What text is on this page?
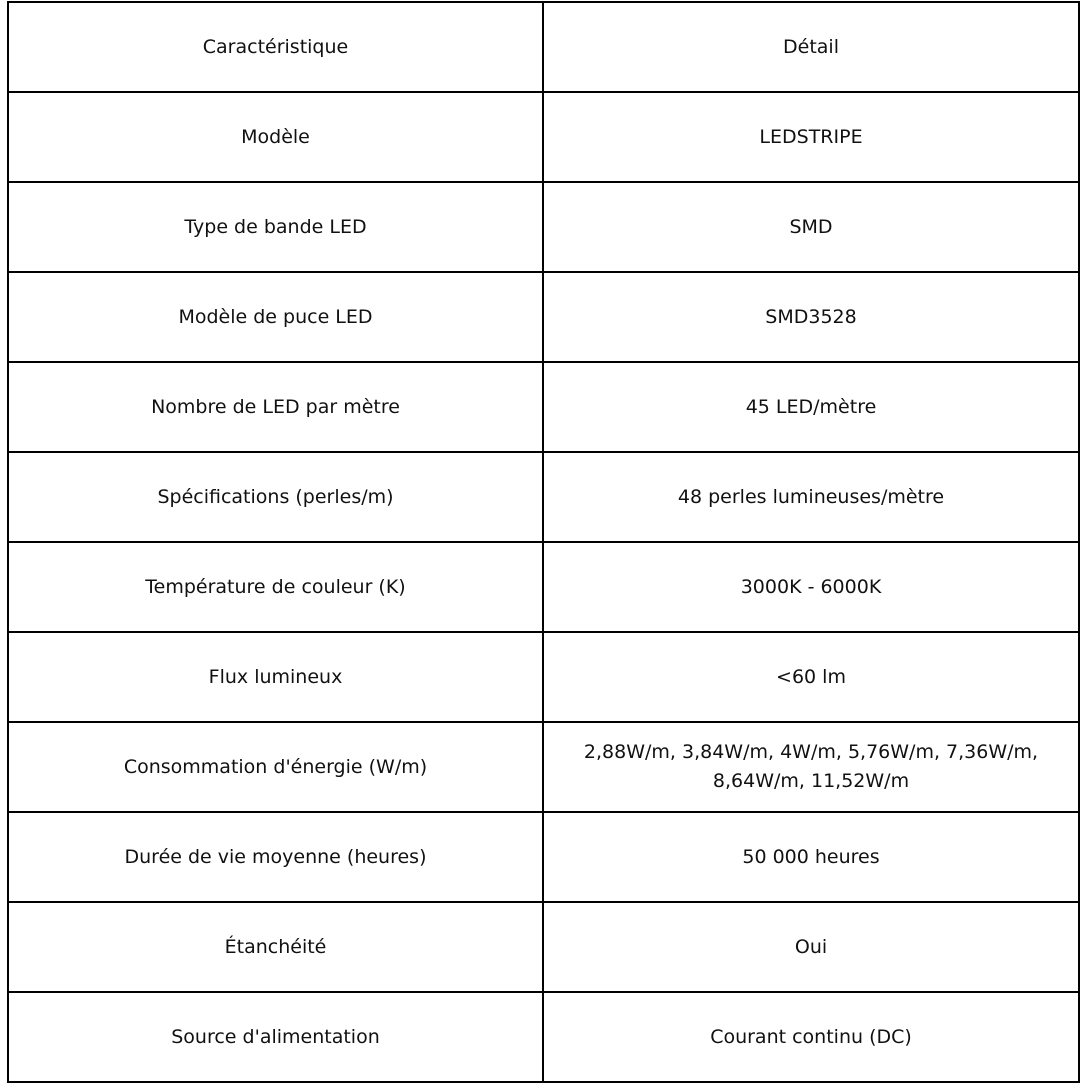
Caractéristique	Détail
Modèle	LEDSTRIPE
Type de bande LED	SMD
Modèle de puce LED	SMD3528
Nombre de LED par mètre	45 LED/mètre
Spécifications (perles/m)	48 perles lumineuses/mètre
Température de couleur (K)	3000K - 6000K
Flux lumineux	<60 lm
Consommation d'énergie (W/m)	2,88W/m, 3,84W/m, 4W/m, 5,76W/m, 7,36W/m, 8,64W/m, 11,52W/m
Durée de vie moyenne (heures)	50 000 heures
Étanchéité	Oui
Source d'alimentation	Courant continu (DC)
